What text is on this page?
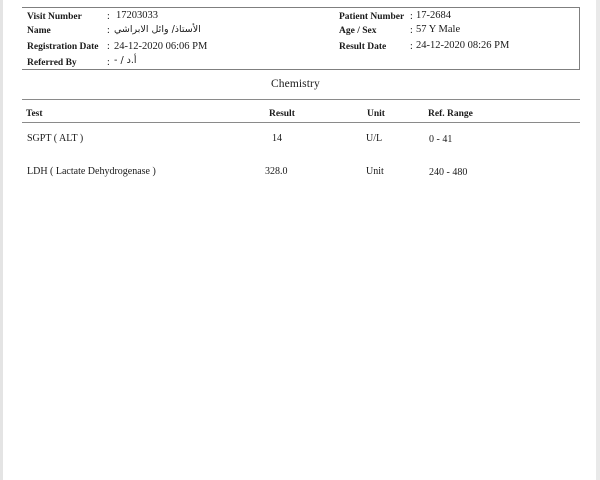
Visit Number	: 17203033
Name	: الأستاذ/ وائل الابراشي
Registration Date : 24-12-2020 06:06 PM
Referred By	: أ.د / -
Patient Number : 17-2684
Age / Sex	: 57 Y Male
Result Date : 24-12-2020 08:26 PM
Chemistry
Test	Result	Unit	Ref. Range
SGPT ( ALT )	14	U/L	0 - 41
LDH ( Lactate Dehydrogenase )	328.0	Unit	240 - 480
